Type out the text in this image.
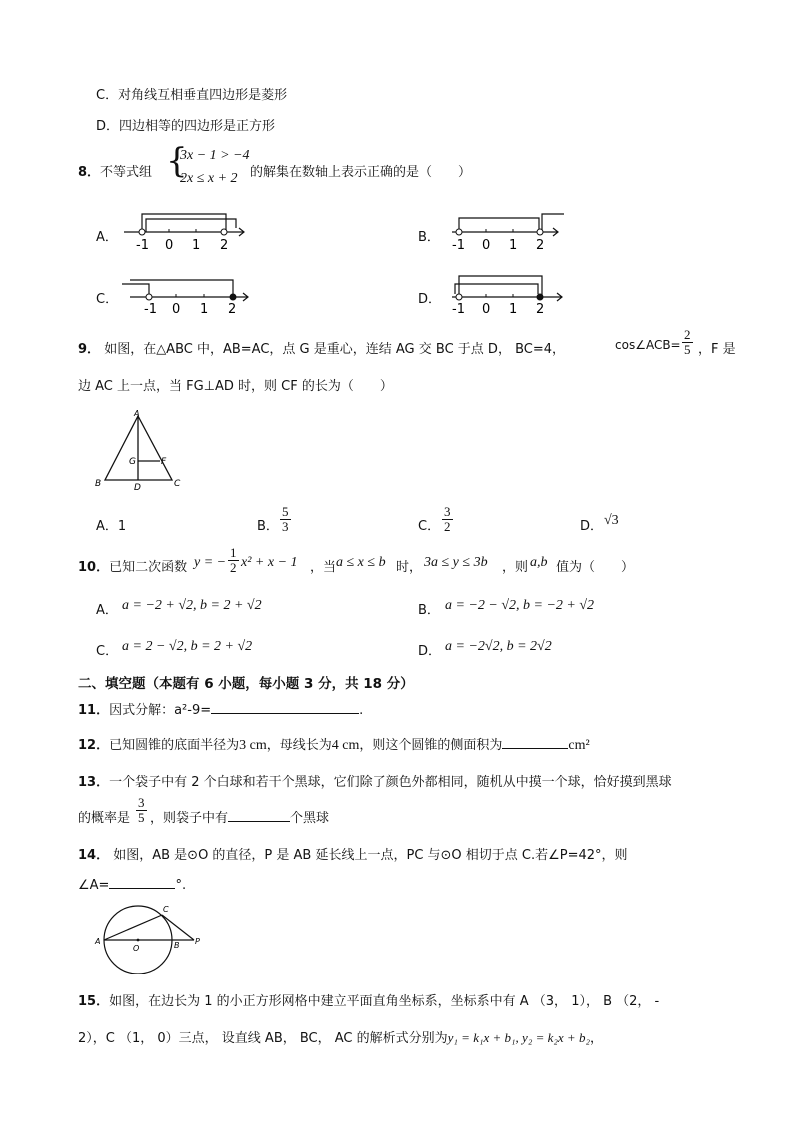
C．对角线互相垂直四边形是菱形
D．四边相等的四边形是正方形
8．不等式组 {
3x − 1 > −4
2x ≤ x + 2 的解集在数轴上表示正确的是（　　）
A．
-1 0 1 2
B．
-1 0 1 2
C．
-1 0 1 2
D．
-1 0 1 2
9． 如图，在△ABC 中，AB=AC，点 G 是重心，连结 AG 交 BC 于点 D， BC=4，	cos∠ACB= $\frac{2}{5}$ ，F 是
边 AC 上一点，当 FG⊥AD 时，则 CF 的长为（　　）
A
B	C
D
G	F
A．1	B． $\frac{5}{3}$	C． $\frac{3}{2}$	D． √3
10．已知二次函数 y = − $\frac{1}{2} x^2 + x - 1$ ，当 a ≤ x ≤ b 时， 3a ≤ y ≤ 3b ，则 a,b 值为（　　）
A． a = −2 + √2, b = 2 + √2	B． a = −2 − √2, b = −2 + √2
C． a = 2 − √2, b = 2 + √2	D． a = −2√2, b = 2√2
二、填空题（本题有 6 小题，每小题 3 分，共 18 分）
11．因式分解：a²-9=	.
12．已知圆锥的底面半径为3 cm，母线长为4 cm，则这个圆锥的侧面积为	cm²
13．一个袋子中有 2 个白球和若干个黑球，它们除了颜色外都相同，随机从中摸一个球，恰好摸到黑球
的概率是 $\frac{3}{5}$ ，则袋子中有	个黑球
14． 如图，AB 是⊙O 的直径，P 是 AB 延长线上一点，PC 与⊙O 相切于点 C.若∠P=42°，则
∠A=	°.
A
O	B P
C
15．如图，在边长为 1 的小正方形网格中建立平面直角坐标系，坐标系中有 A （3， 1）， B （2， -
2），C （1， 0）三点， 设直线 AB， BC， AC 的解析式分别为y₁ = k₁x + b₁, y₂ = k₂x + b₂，
